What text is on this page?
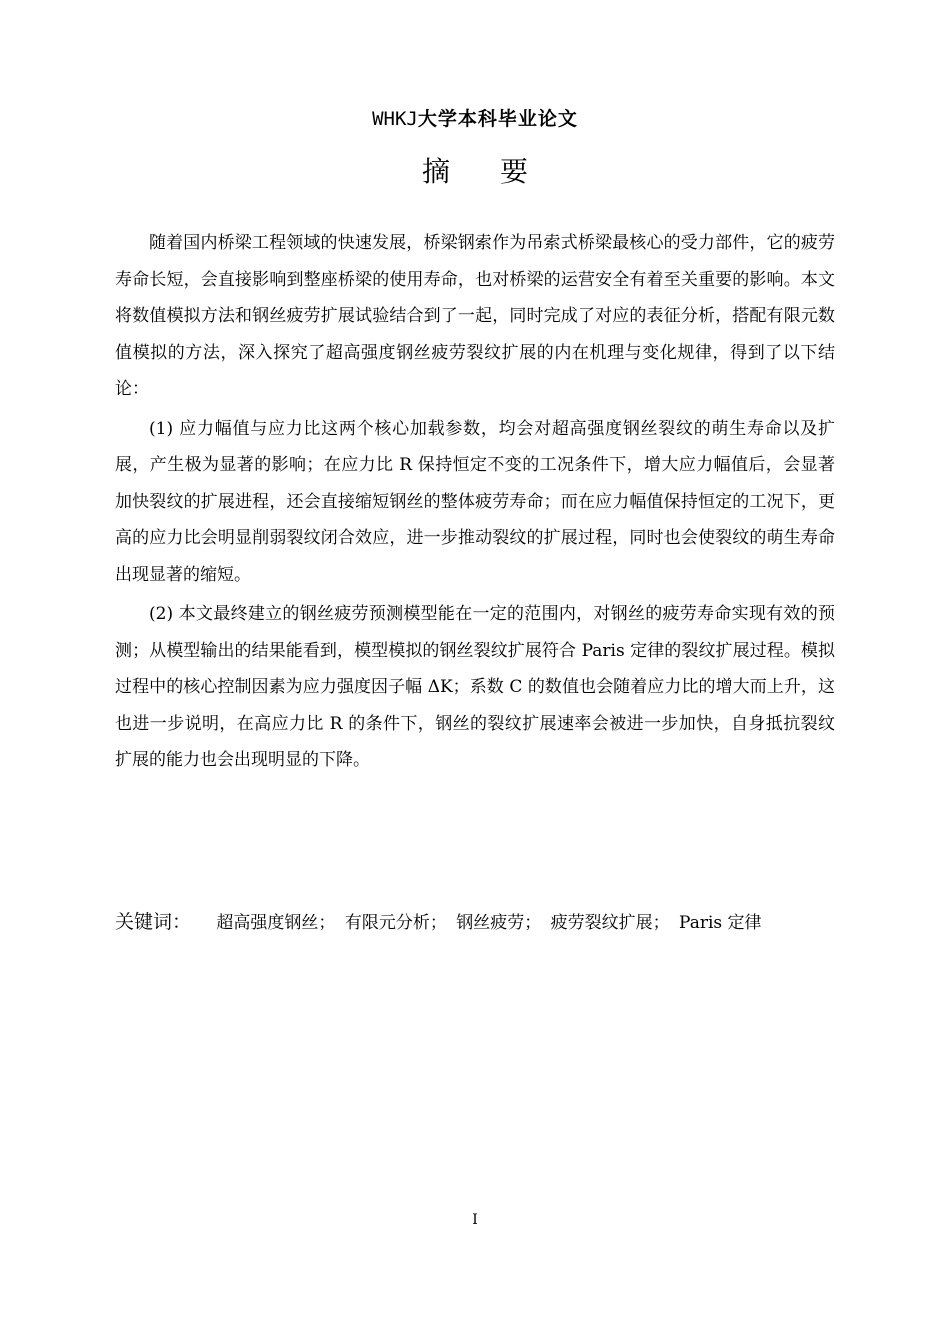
WHKJ大学本科毕业论文
摘要

随着国内桥梁工程领域的快速发展，桥梁钢索作为吊索式桥梁最核心的受力部件，它的疲劳寿命长短，会直接影响到整座桥梁的使用寿命，也对桥梁的运营安全有着至关重要的影响。本文将数值模拟方法和钢丝疲劳扩展试验结合到了一起，同时完成了对应的表征分析，搭配有限元数值模拟的方法，深入探究了超高强度钢丝疲劳裂纹扩展的内在机理与变化规律，得到了以下结论：

(1) 应力幅值与应力比这两个核心加载参数，均会对超高强度钢丝裂纹的萌生寿命以及扩展，产生极为显著的影响；在应力比 R 保持恒定不变的工况条件下，增大应力幅值后，会显著加快裂纹的扩展进程，还会直接缩短钢丝的整体疲劳寿命；而在应力幅值保持恒定的工况下，更高的应力比会明显削弱裂纹闭合效应，进一步推动裂纹的扩展过程，同时也会使裂纹的萌生寿命出现显著的缩短。

(2) 本文最终建立的钢丝疲劳预测模型能在一定的范围内，对钢丝的疲劳寿命实现有效的预测；从模型输出的结果能看到，模型模拟的钢丝裂纹扩展符合 Paris 定律的裂纹扩展过程。模拟过程中的核心控制因素为应力强度因子幅 ΔK；系数 C 的数值也会随着应力比的增大而上升，这也进一步说明，在高应力比 R 的条件下，钢丝的裂纹扩展速率会被进一步加快，自身抵抗裂纹扩展的能力也会出现明显的下降。

关键词： 超高强度钢丝； 有限元分析； 钢丝疲劳； 疲劳裂纹扩展； Paris 定律
I
